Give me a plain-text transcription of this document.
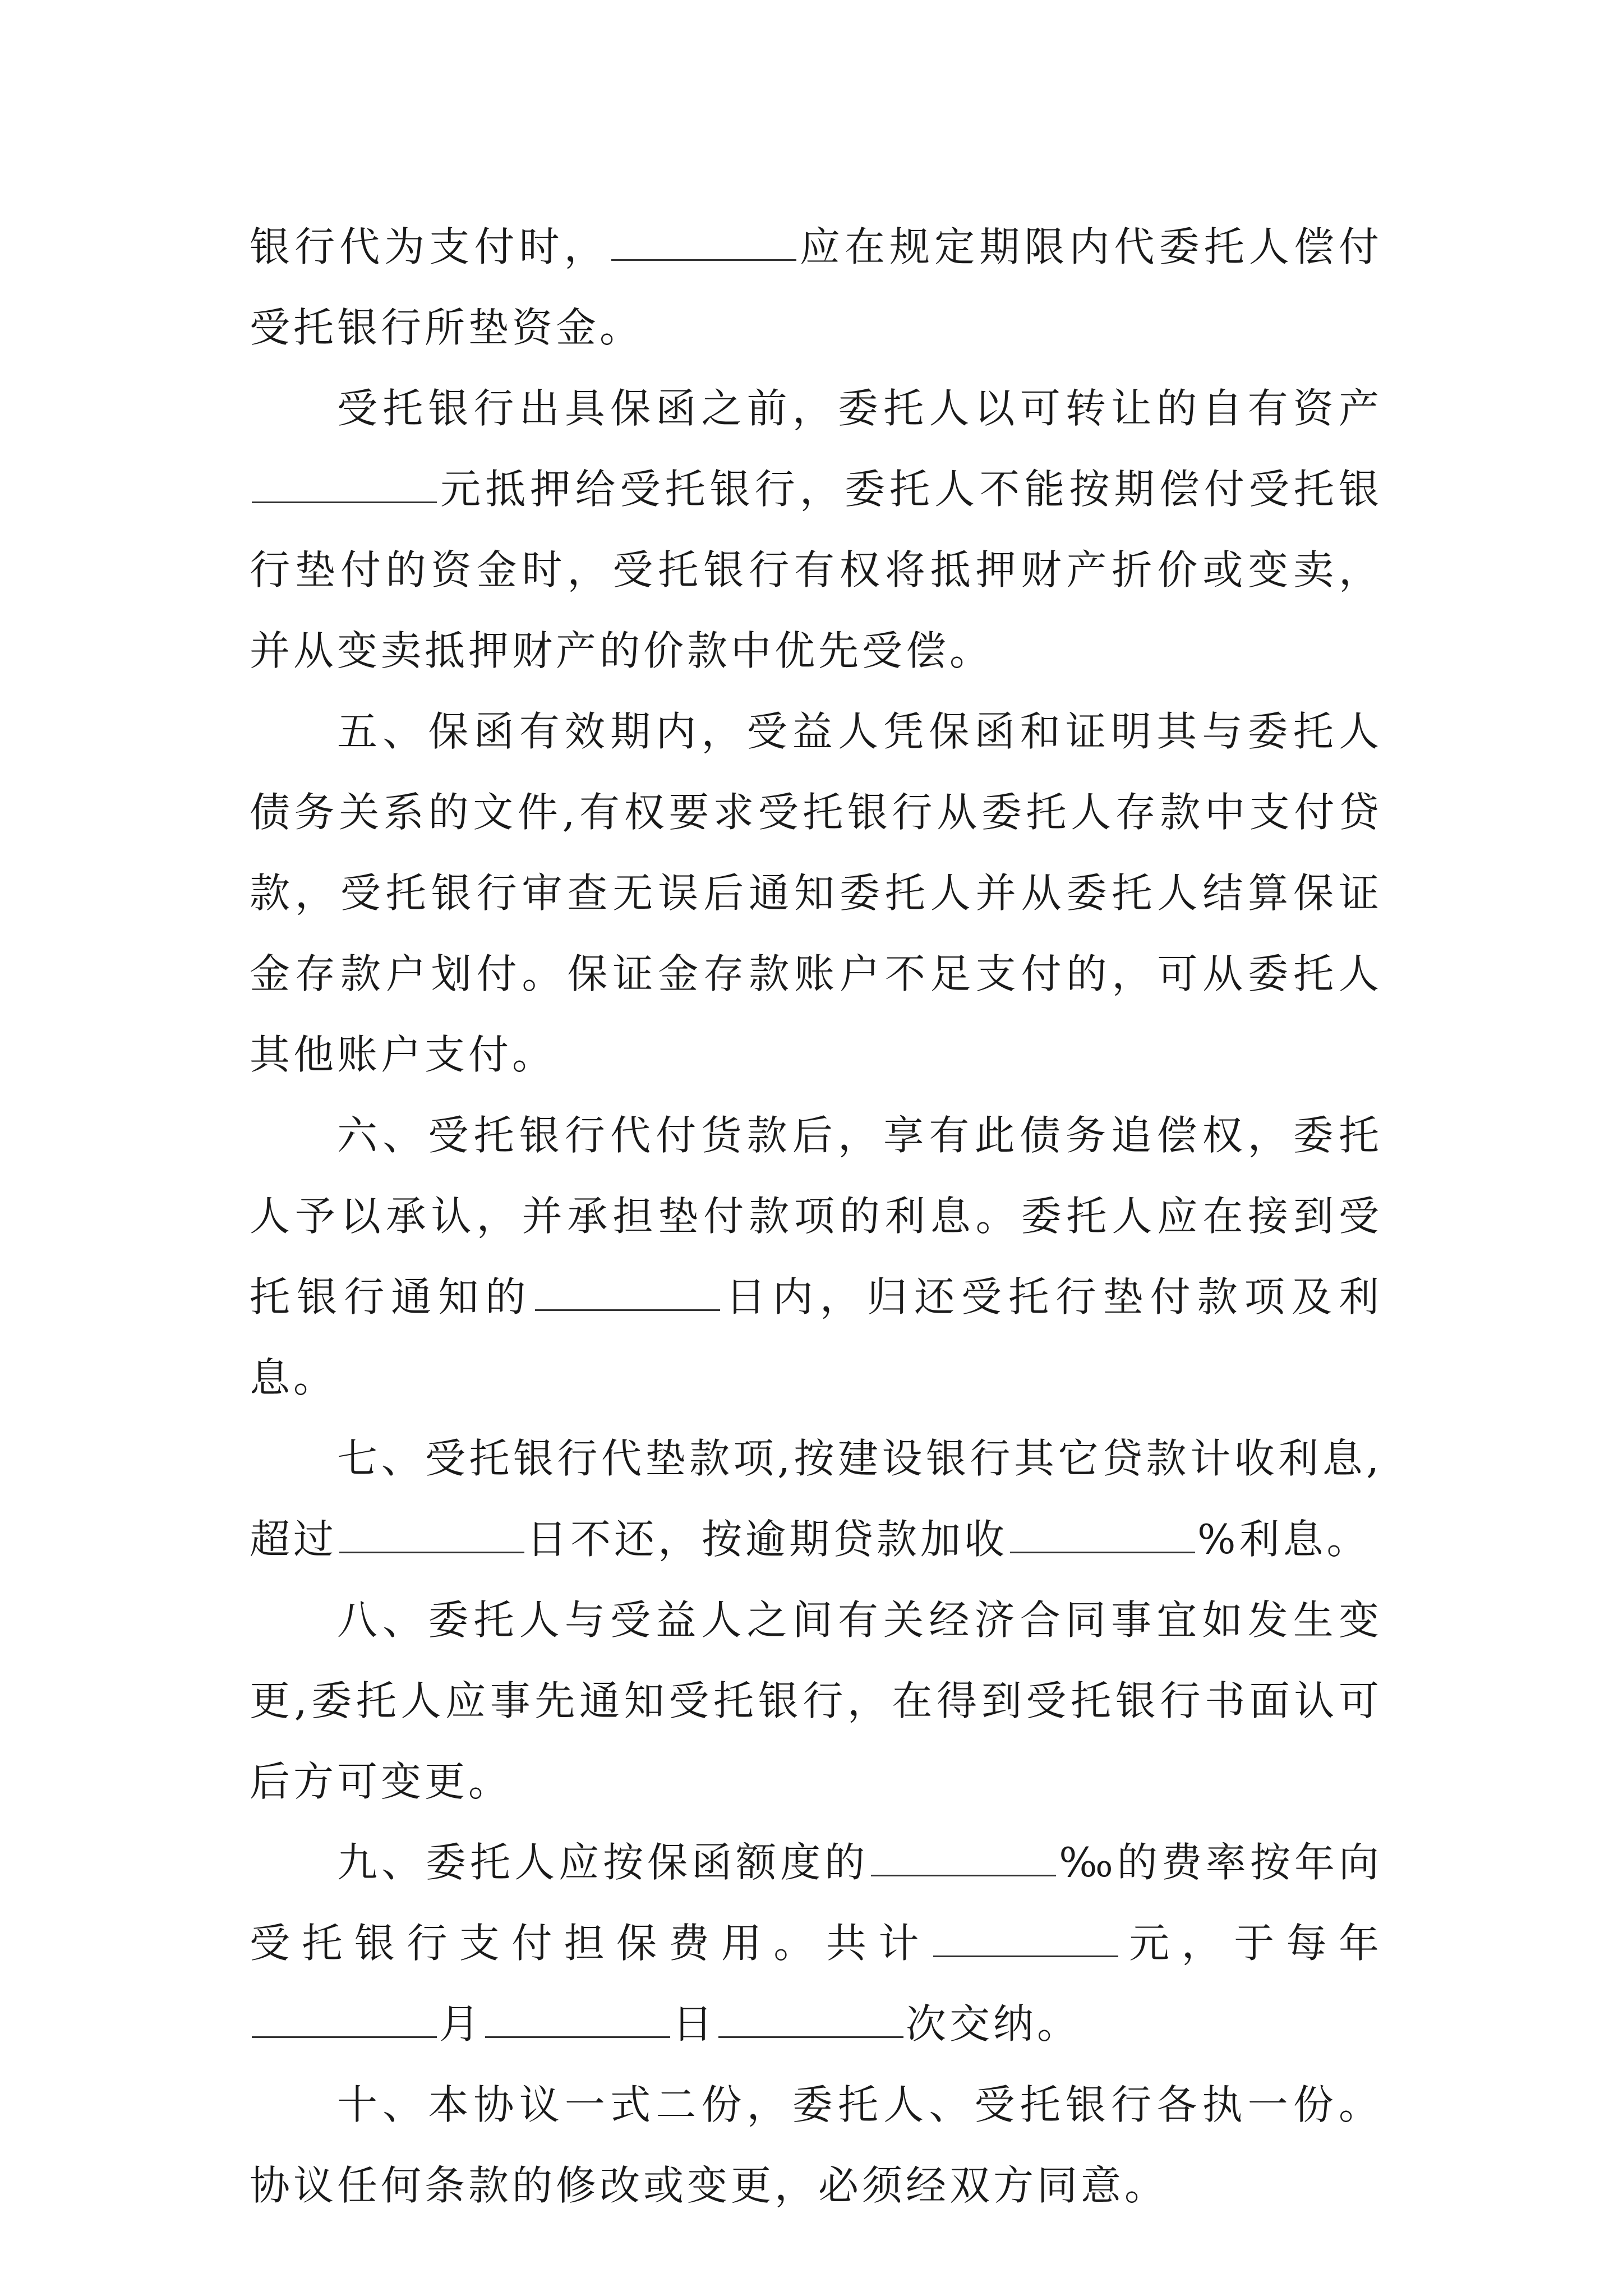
银行代为支付时，	应在规定期限内代委托人偿付受托银行所垫资金。

受托银行出具保函之前，委托人以可转让的自有资产元抵押给受托银行，委托人不能按期偿付受托银行垫付的资金时，受托银行有权将抵押财产折价或变卖，并从变卖抵押财产的价款中优先受偿。

五、保函有效期内，受益人凭保函和证明其与委托人债务关系的文件,有权要求受托银行从委托人存款中支付贷款，受托银行审查无误后通知委托人并从委托人结算保证金存款户划付。保证金存款账户不足支付的，可从委托人其他账户支付。

六、受托银行代付货款后，享有此债务追偿权，委托人予以承认，并承担垫付款项的利息。委托人应在接到受托银行通知的	日内，归还受托行垫付款项及利息。

七、受托银行代垫款项,按建设银行其它贷款计收利息,超过	日不还，按逾期贷款加收	%利息。

八、委托人与受益人之间有关经济合同事宜如发生变更,委托人应事先通知受托银行，在得到受托银行书面认可后方可变更。

九、委托人应按保函额度的	‰的费率按年向受托银行支付担保费用。共计	元，于每年月	日	次交纳。

十、本协议一式二份，委托人、受托银行各执一份。协议任何条款的修改或变更，必须经双方同意。
